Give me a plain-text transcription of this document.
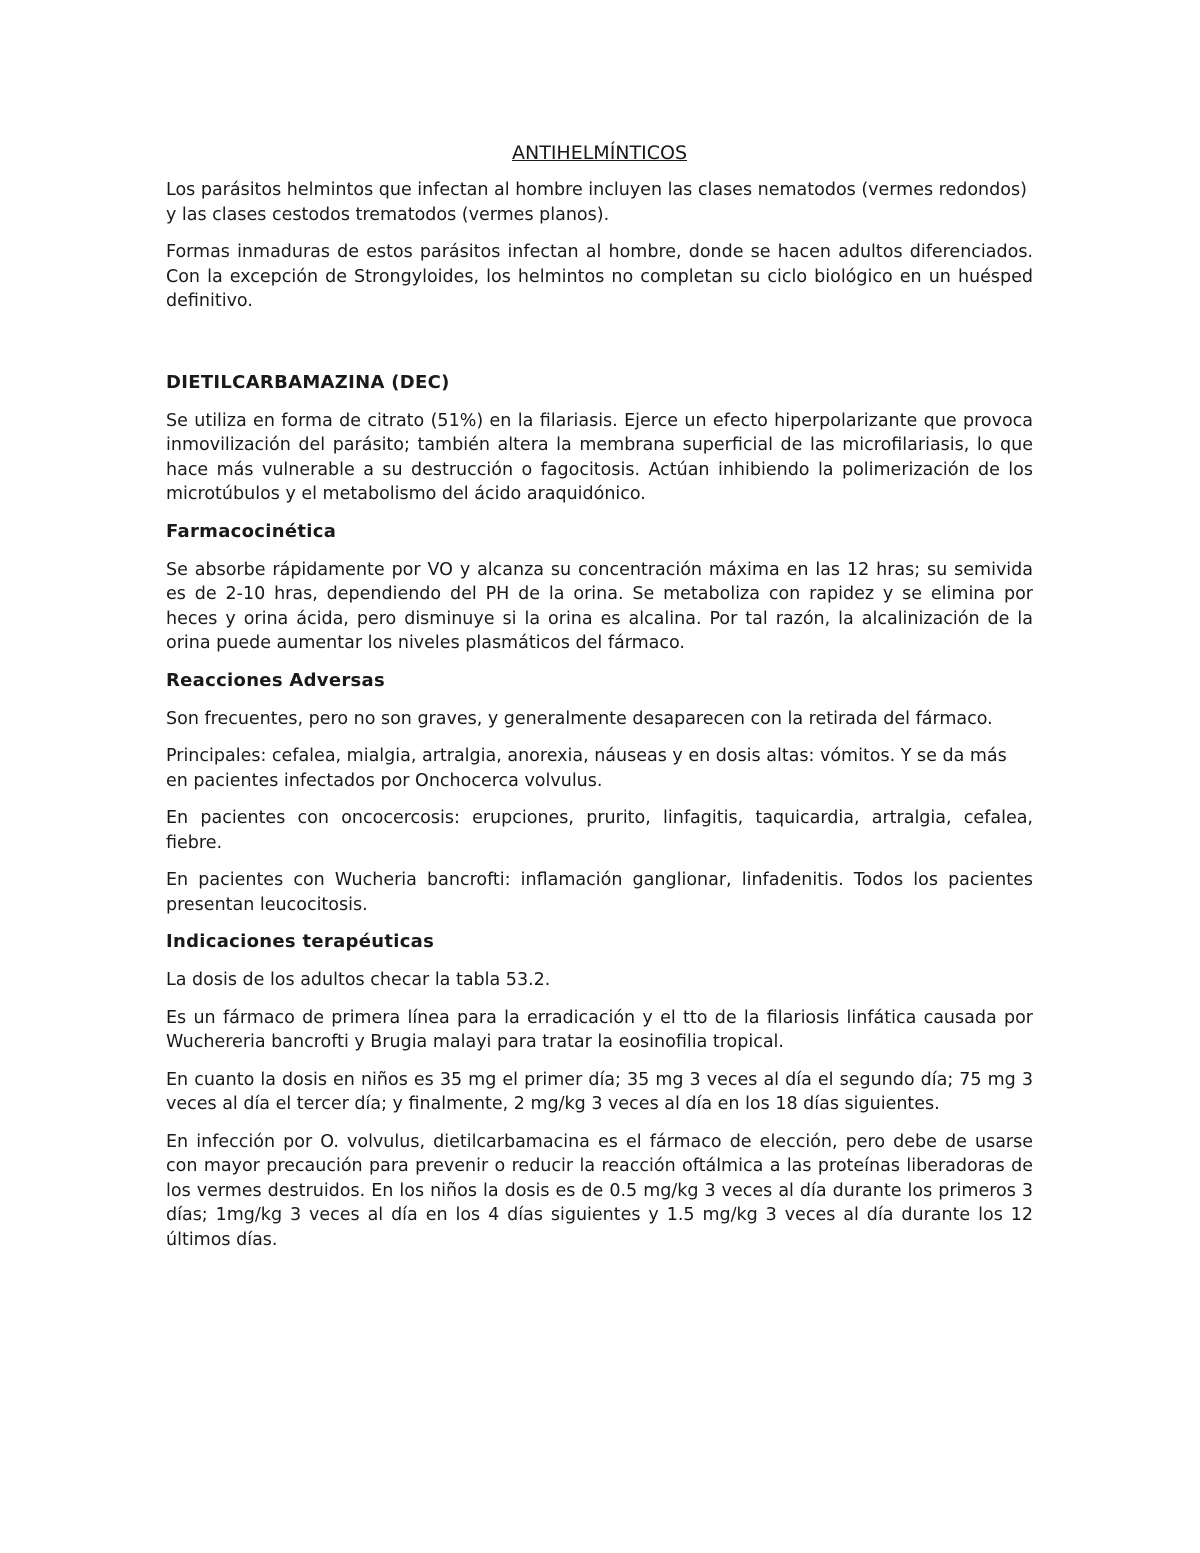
ANTIHELMÍNTICOS

Los parásitos helmintos que infectan al hombre incluyen las clases nematodos (vermes redondos) y las clases cestodos trematodos (vermes planos).

Formas inmaduras de estos parásitos infectan al hombre, donde se hacen adultos diferenciados. Con la excepción de Strongyloides, los helmintos no completan su ciclo biológico en un huésped definitivo.

DIETILCARBAMAZINA (DEC)

Se utiliza en forma de citrato (51%) en la filariasis. Ejerce un efecto hiperpolarizante que provoca inmovilización del parásito; también altera la membrana superficial de las microfilariasis, lo que hace más vulnerable a su destrucción o fagocitosis. Actúan inhibiendo la polimerización de los microtúbulos y el metabolismo del ácido araquidónico.

Farmacocinética

Se absorbe rápidamente por VO y alcanza su concentración máxima en las 12 hras; su semivida es de 2-10 hras, dependiendo del PH de la orina. Se metaboliza con rapidez y se elimina por heces y orina ácida, pero disminuye si la orina es alcalina. Por tal razón, la alcalinización de la orina puede aumentar los niveles plasmáticos del fármaco.

Reacciones Adversas

Son frecuentes, pero no son graves, y generalmente desaparecen con la retirada del fármaco.

Principales: cefalea, mialgia, artralgia, anorexia, náuseas y en dosis altas: vómitos. Y se da más en pacientes infectados por Onchocerca volvulus.

En pacientes con oncocercosis: erupciones, prurito, linfagitis, taquicardia, artralgia, cefalea, fiebre.

En pacientes con Wucheria bancrofti: inflamación ganglionar, linfadenitis. Todos los pacientes presentan leucocitosis.

Indicaciones terapéuticas

La dosis de los adultos checar la tabla 53.2.

Es un fármaco de primera línea para la erradicación y el tto de la filariosis linfática causada por Wuchereria bancrofti y Brugia malayi para tratar la eosinofilia tropical.

En cuanto la dosis en niños es 35 mg el primer día; 35 mg 3 veces al día el segundo día; 75 mg 3 veces al día el tercer día; y finalmente, 2 mg/kg 3 veces al día en los 18 días siguientes.

En infección por O. volvulus, dietilcarbamacina es el fármaco de elección, pero debe de usarse con mayor precaución para prevenir o reducir la reacción oftálmica a las proteínas liberadoras de los vermes destruidos. En los niños la dosis es de 0.5 mg/kg 3 veces al día durante los primeros 3 días; 1mg/kg 3 veces al día en los 4 días siguientes y 1.5 mg/kg 3 veces al día durante los 12 últimos días.
